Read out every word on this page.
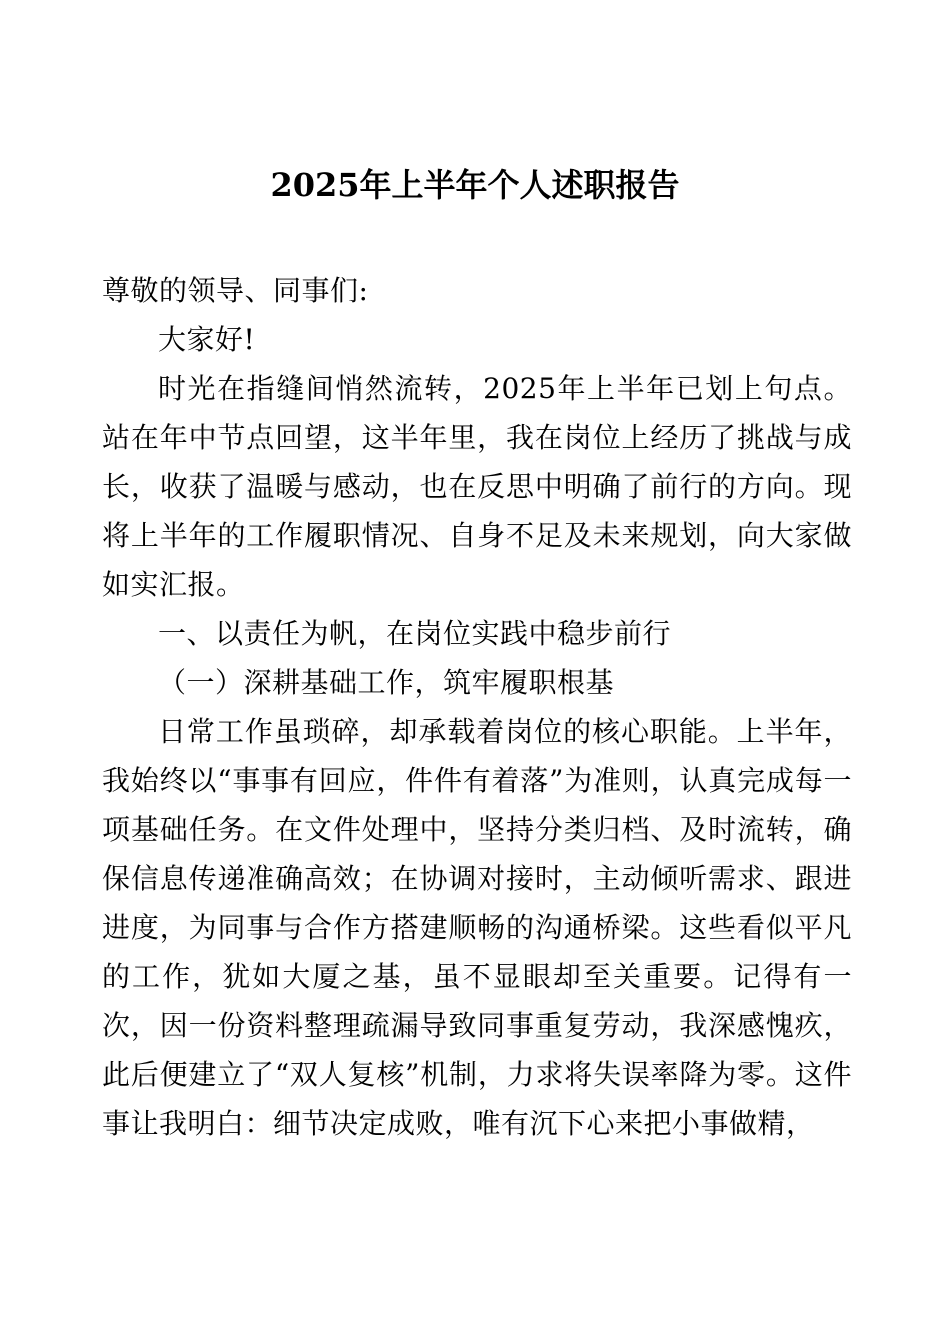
2025年上半年个人述职报告

尊敬的领导、同事们:

大家好!

时光在指缝间悄然流转，2025年上半年已划上句点。站在年中节点回望，这半年里，我在岗位上经历了挑战与成长，收获了温暖与感动，也在反思中明确了前行的方向。现将上半年的工作履职情况、自身不足及未来规划，向大家做如实汇报。

一、以责任为帆，在岗位实践中稳步前行

（一）深耕基础工作，筑牢履职根基

日常工作虽琐碎，却承载着岗位的核心职能。上半年，我始终以“事事有回应，件件有着落”为准则，认真完成每一项基础任务。在文件处理中，坚持分类归档、及时流转，确保信息传递准确高效；在协调对接时，主动倾听需求、跟进进度，为同事与合作方搭建顺畅的沟通桥梁。这些看似平凡的工作，犹如大厦之基，虽不显眼却至关重要。记得有一次，因一份资料整理疏漏导致同事重复劳动，我深感愧疚，此后便建立了“双人复核”机制，力求将失误率降为零。这件事让我明白：细节决定成败，唯有沉下心来把小事做精，
